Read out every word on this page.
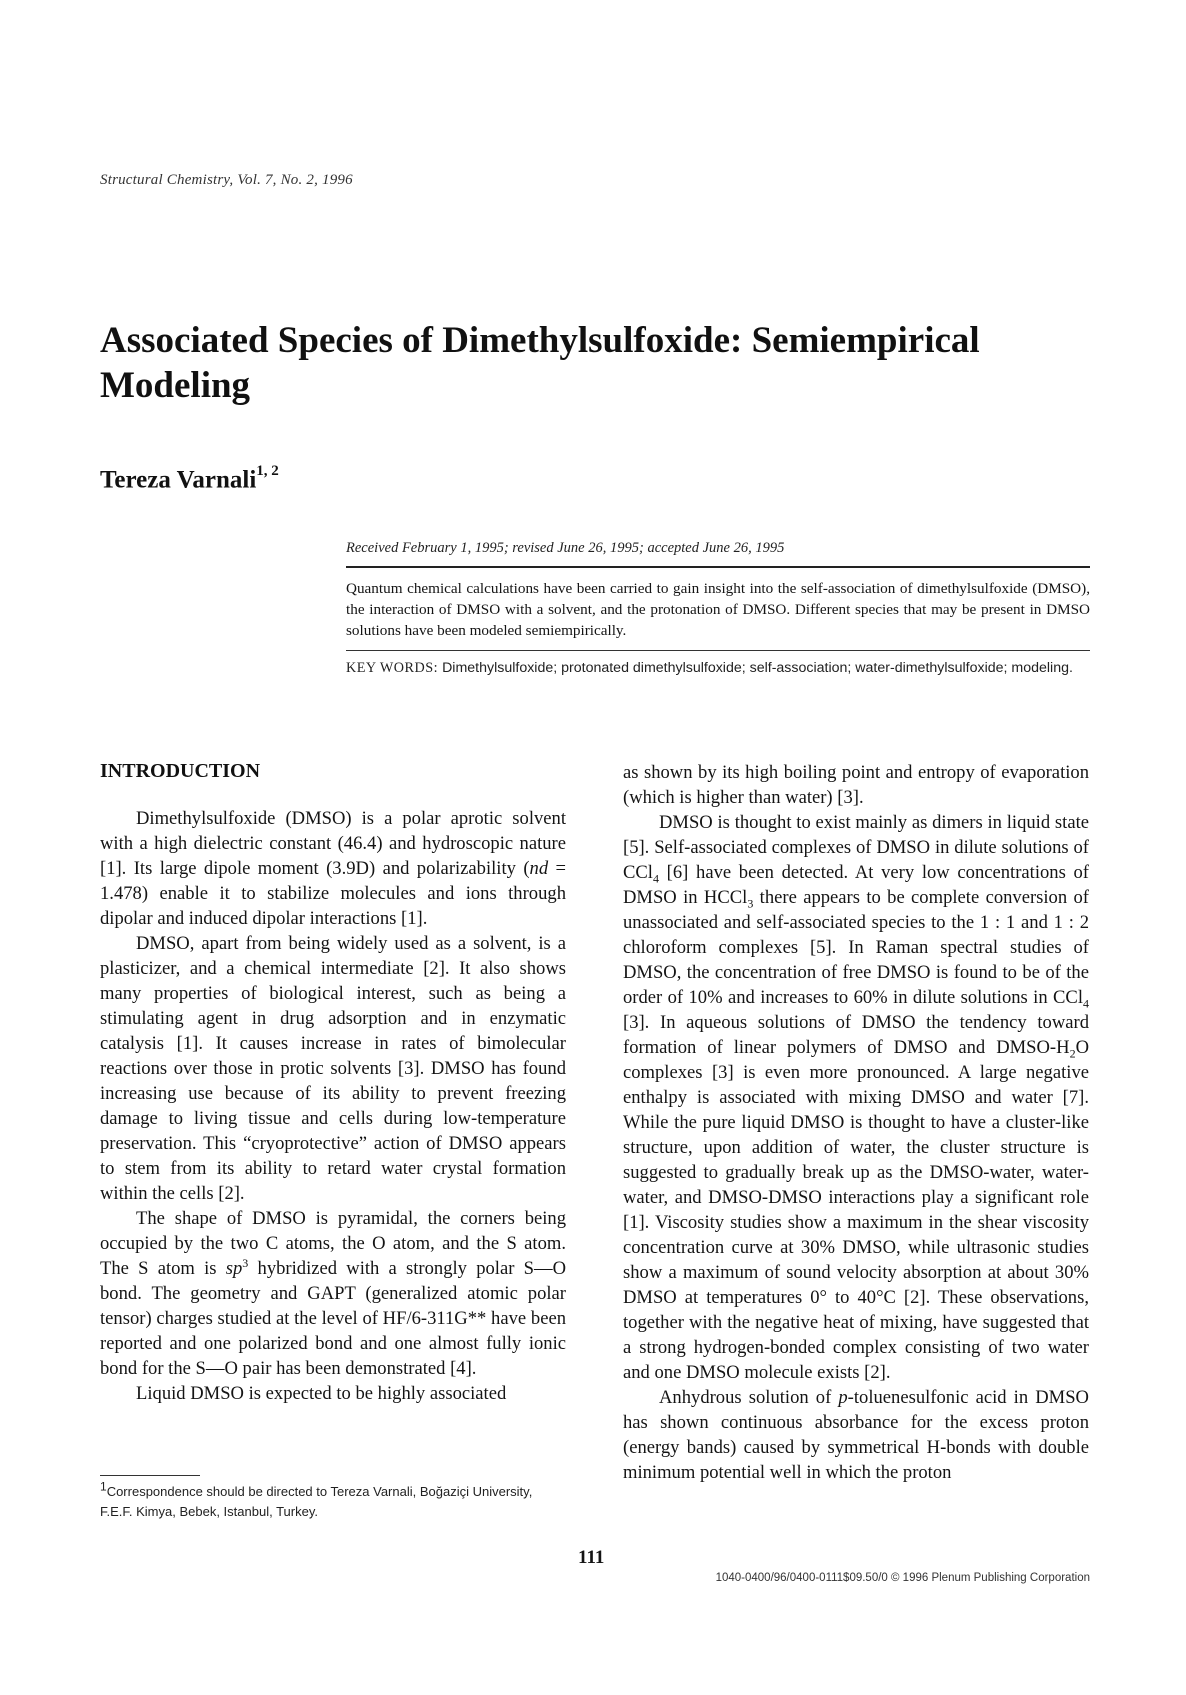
Structural Chemistry, Vol. 7, No. 2, 1996
Associated Species of Dimethylsulfoxide: Semiempirical Modeling
Tereza Varnali$^{1, 2}$

Received February 1, 1995; revised June 26, 1995; accepted June 26, 1995

Quantum chemical calculations have been carried to gain insight into the self-association of dimethylsulfoxide (DMSO), the interaction of DMSO with a solvent, and the protonation of DMSO. Different species that may be present in DMSO solutions have been modeled semiempirically.

KEY WORDS: Dimethylsulfoxide; protonated dimethylsulfoxide; self-association; water-dimethylsulfoxide; modeling.

INTRODUCTION

Dimethylsulfoxide (DMSO) is a polar aprotic solvent with a high dielectric constant (46.4) and hydroscopic nature [1]. Its large dipole moment (3.9D) and polarizability (nd = 1.478) enable it to stabilize molecules and ions through dipolar and induced dipolar interactions [1].

DMSO, apart from being widely used as a solvent, is a plasticizer, and a chemical intermediate [2]. It also shows many properties of biological interest, such as being a stimulating agent in drug adsorption and in enzymatic catalysis [1]. It causes increase in rates of bimolecular reactions over those in protic solvents [3]. DMSO has found increasing use because of its ability to prevent freezing damage to living tissue and cells during low-temperature preservation. This “cryoprotective” action of DMSO appears to stem from its ability to retard water crystal formation within the cells [2].

The shape of DMSO is pyramidal, the corners being occupied by the two C atoms, the O atom, and the S atom. The S atom is $sp^3$ hybridized with a strongly polar S—O bond. The geometry and GAPT (generalized atomic polar tensor) charges studied at the level of HF/6-311G** have been reported and one polarized bond and one almost fully ionic bond for the S—O pair has been demonstrated [4].

Liquid DMSO is expected to be highly associated

$^1$Correspondence should be directed to Tereza Varnali, Boğaziçi University, F.E.F. Kimya, Bebek, Istanbul, Turkey.

as shown by its high boiling point and entropy of evaporation (which is higher than water) [3].

DMSO is thought to exist mainly as dimers in liquid state [5]. Self-associated complexes of DMSO in dilute solutions of CCl$_4$ [6] have been detected. At very low concentrations of DMSO in HCCl$_3$ there appears to be complete conversion of unassociated and self-associated species to the 1 : 1 and 1 : 2 chloroform complexes [5]. In Raman spectral studies of DMSO, the concentration of free DMSO is found to be of the order of 10% and increases to 60% in dilute solutions in CCl$_4$ [3]. In aqueous solutions of DMSO the tendency toward formation of linear polymers of DMSO and DMSO-$H_2O$ complexes [3] is even more pronounced. A large negative enthalpy is associated with mixing DMSO and water [7]. While the pure liquid DMSO is thought to have a cluster-like structure, upon addition of water, the cluster structure is suggested to gradually break up as the DMSO-water, water-water, and DMSO-DMSO interactions play a significant role [1]. Viscosity studies show a maximum in the shear viscosity concentration curve at 30% DMSO, while ultrasonic studies show a maximum of sound velocity absorption at about 30% DMSO at temperatures 0° to 40°C [2]. These observations, together with the negative heat of mixing, have suggested that a strong hydrogen-bonded complex consisting of two water and one DMSO molecule exists [2].

Anhydrous solution of p-toluenesulfonic acid in DMSO has shown continuous absorbance for the excess proton (energy bands) caused by symmetrical H-bonds with double minimum potential well in which the proton

111
1040-0400/96/0400-0111$09.50/0 © 1996 Plenum Publishing Corporation
